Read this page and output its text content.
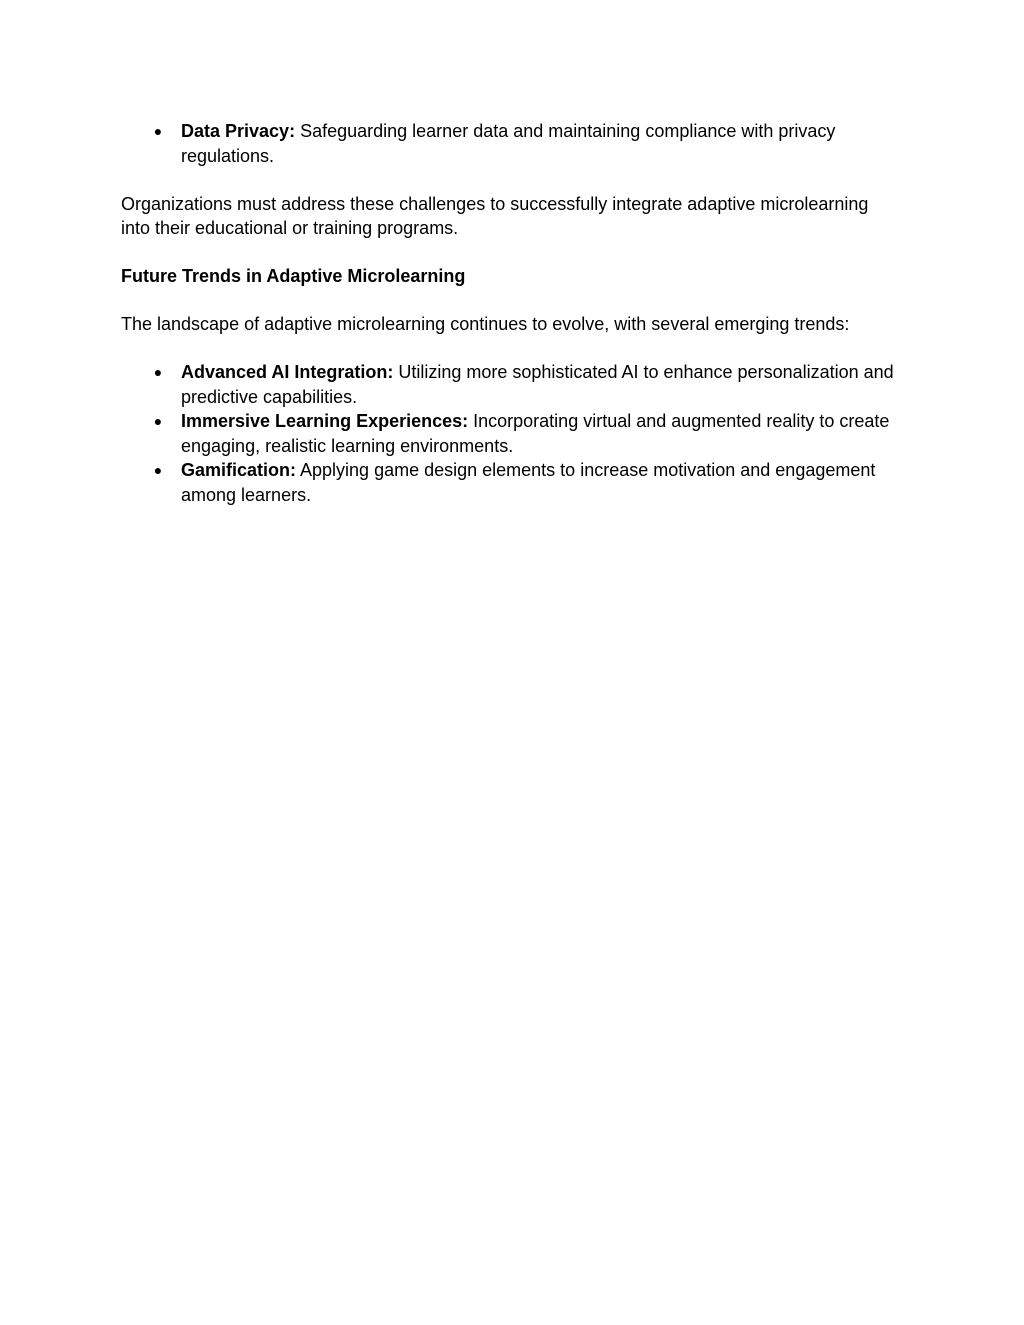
● Data Privacy: Safeguarding learner data and maintaining compliance with privacy regulations.

Organizations must address these challenges to successfully integrate adaptive microlearning into their educational or training programs.

Future Trends in Adaptive Microlearning

The landscape of adaptive microlearning continues to evolve, with several emerging trends:

● Advanced AI Integration: Utilizing more sophisticated AI to enhance personalization and predictive capabilities.
● Immersive Learning Experiences: Incorporating virtual and augmented reality to create engaging, realistic learning environments.
● Gamification: Applying game design elements to increase motivation and engagement among learners.
